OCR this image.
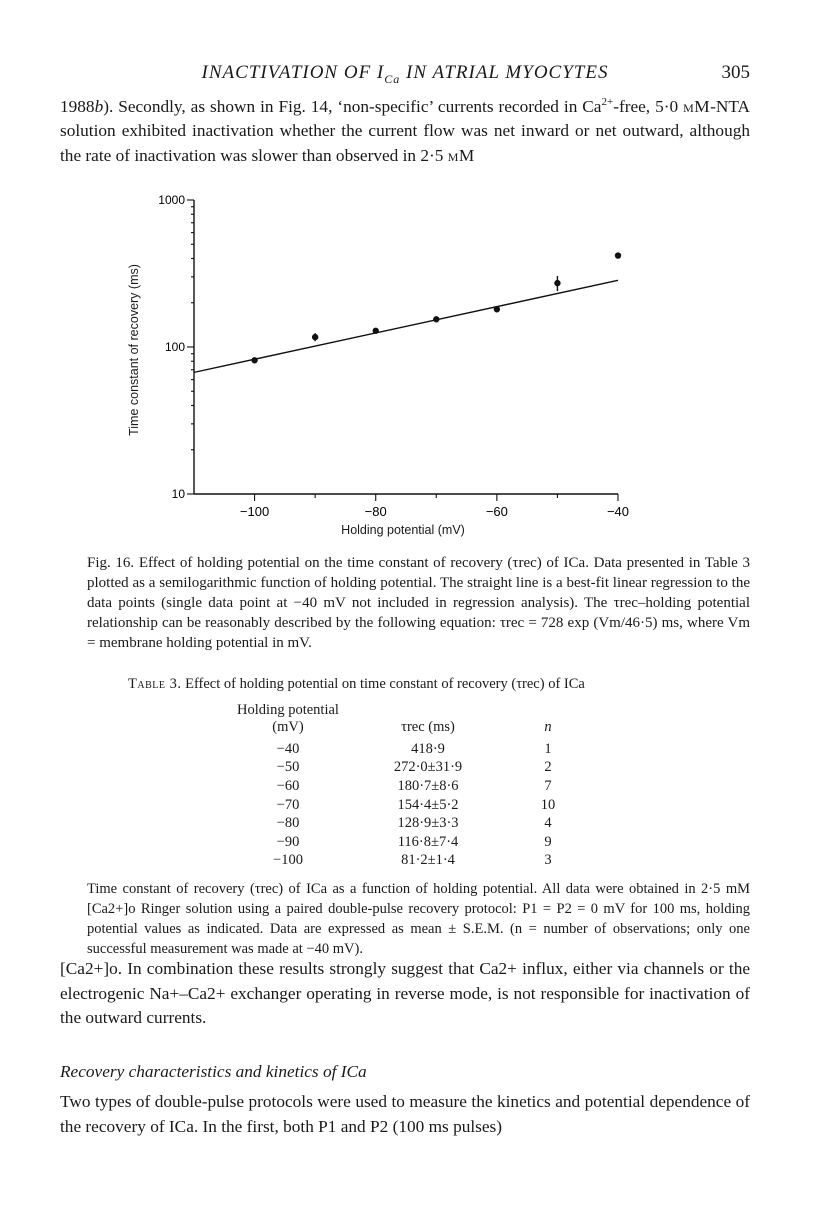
INACTIVATION OF $I_{Ca}$ IN ATRIAL MYOCYTES	305
1988b). Secondly, as shown in Fig. 14, ‘non-specific’ currents recorded in $Ca^{2+}$-free, 5·0 mM-NTA solution exhibited inactivation whether the current flow was net inward or net outward, although the rate of inactivation was slower than observed in 2·5 mM
10
100
1000
−100	−80	−60	−40
Time constant of recovery (ms)
Holding potential (mV)
Fig. 16. Effect of holding potential on the time constant of recovery (τrec) of ICa. Data presented in Table 3 plotted as a semilogarithmic function of holding potential. The straight line is a best-fit linear regression to the data points (single data point at −40 mV not included in regression analysis). The τrec–holding potential relationship can be reasonably described by the following equation: τrec = 728 exp (Vm/46·5) ms, where Vm = membrane holding potential in mV.
Table 3. Effect of holding potential on time constant of recovery (τrec) of ICa
Holding potential (mV)	τrec (ms)	n
−40	418·9	1
−50	272·0±31·9	2
−60	180·7±8·6	7
−70	154·4±5·2	10
−80	128·9±3·3	4
−90	116·8±7·4	9
−100	81·2±1·4	3
Time constant of recovery (τrec) of ICa as a function of holding potential. All data were obtained in 2·5 mM [Ca2+]o Ringer solution using a paired double-pulse recovery protocol: P1 = P2 = 0 mV for 100 ms, holding potential values as indicated. Data are expressed as mean ± S.E.M. (n = number of observations; only one successful measurement was made at −40 mV).
[Ca2+]o. In combination these results strongly suggest that Ca2+ influx, either via channels or the electrogenic Na+–Ca2+ exchanger operating in reverse mode, is not responsible for inactivation of the outward currents.
Recovery characteristics and kinetics of ICa
Two types of double-pulse protocols were used to measure the kinetics and potential dependence of the recovery of ICa. In the first, both P1 and P2 (100 ms pulses)
